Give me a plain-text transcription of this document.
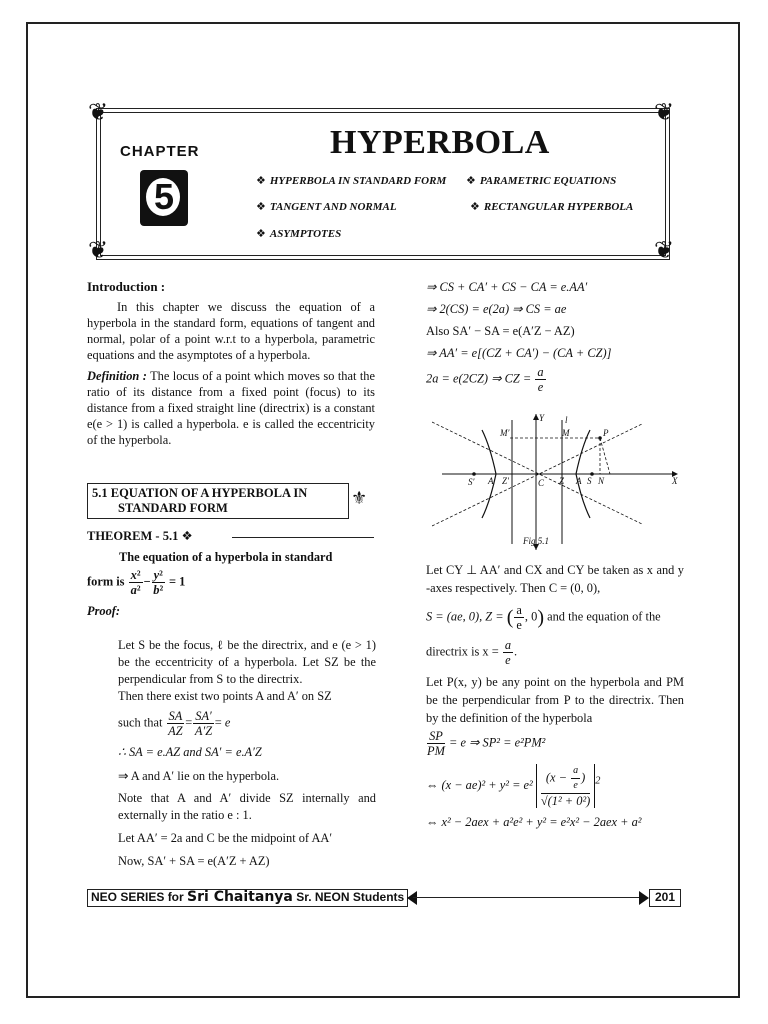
❦	❦
❦	❦
CHAPTER
5
HYPERBOLA
❖ HYPERBOLA IN STANDARD FORM ❖ PARAMETRIC EQUATIONS
❖ TANGENT AND NORMAL	❖ RECTANGULAR HYPERBOLA
❖ ASYMPTOTES

Introduction :

In this chapter we discuss the equation of a hyperbola in the standard form, equations of tangent and normal, polar of a point w.r.t to a hyperbola, parametric equations and the asymptotes of a hyperbola.

Definition : The locus of a point which moves so that the ratio of its distance from a fixed point (focus) to its distance from a fixed straight line (directrix) is a constant e(e > 1) is called a hyperbola. e is called the eccentricity of the hyperbola.

5.1 EQUATION OF A HYPERBOLA IN
STANDARD FORM	⚜
THEOREM - 5.1 ❖

The equation of a hyperbola in standard

form is $\frac{\text{x²}}{\text{a²}} - \frac{\text{y²}}{\text{b²}} = 1$

Proof:

Let S be the focus, ℓ be the directrix, and e (e > 1) be the eccentricity of a hyperbola. Let SZ be the perpendicular from S to the directrix.

Then there exist two points A and A′ on SZ

such that $\frac{SA}{AZ} = \frac{SA'}{A'Z} = e$

∴ SA = e.AZ and SA′ = e.A′Z

⇒ A and A′ lie on the hyperbola.

Note that A and A′ divide SZ internally and externally in the ratio e : 1.

Let AA′ = 2a and C be the midpoint of AA′

Now, SA′ + SA = e(A′Z + AZ)

⇒ CS + CA′ + CS − CA = e.AA′

⇒ 2(CS) = e(2a) ⇒ CS = ae

Also SA′ − SA = e(A′Z − AZ)

⇒ AA′ = e[(CZ + CA′) − (CA + CZ)]

2a = e(2CZ) ⇒ CZ = $\frac{a}{e}$

Y l
M′	M	P
X
S′ A′ Z′	C Z A S N
Fig 5.1

Let CY ⊥ AA′ and CX and CY be taken as x and y -axes respectively. Then C = (0, 0),

S = (ae, 0), Z = ( $\frac{a}{e}$ , 0) and the equation of the

directrix is $x = \frac{a}{e}$ .

Let P(x, y) be any point on the hyperbola and PM be the perpendicular from P to the directrix. Then by the definition of the hyperbola

$\frac{SP}{PM} = e$ ⇒ SP² = e²PM²

⇔ $(x - ae)^2 + y^2 = e^2 \frac{(x - \frac{a}{e} )}{\text{√(1² + 0²)}} ^2$

⇔ x² − 2aex + a²e² + y² = e²x² − 2aex + a²

NEO SERIES for Sri Chaitanya Sr. NEON Students	201
